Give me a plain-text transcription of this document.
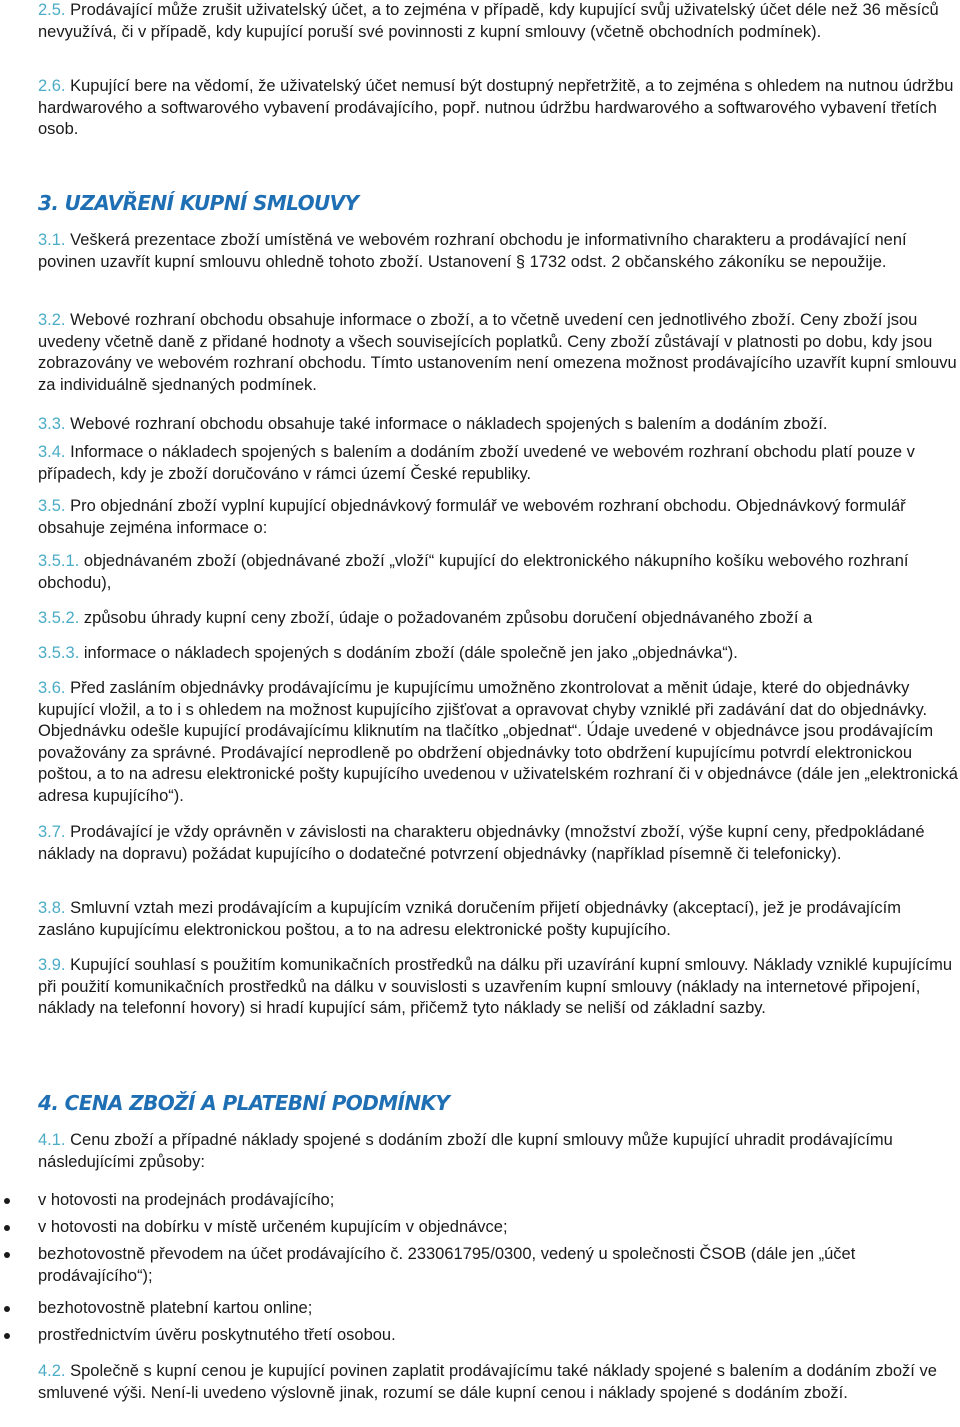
2.5. Prodávající může zrušit uživatelský účet, a to zejména v případě, kdy kupující svůj uživatelský účet déle než 36 měsíců nevyužívá, či v případě, kdy kupující poruší své povinnosti z kupní smlouvy (včetně obchodních podmínek).

2.6. Kupující bere na vědomí, že uživatelský účet nemusí být dostupný nepřetržitě, a to zejména s ohledem na nutnou údržbu hardwarového a softwarového vybavení prodávajícího, popř. nutnou údržbu hardwarového a softwarového vybavení třetích osob.

3. UZAVŘENÍ KUPNÍ SMLOUVY

3.1. Veškerá prezentace zboží umístěná ve webovém rozhraní obchodu je informativního charakteru a prodávající není povinen uzavřít kupní smlouvu ohledně tohoto zboží. Ustanovení § 1732 odst. 2 občanského zákoníku se nepoužije.

3.2. Webové rozhraní obchodu obsahuje informace o zboží, a to včetně uvedení cen jednotlivého zboží. Ceny zboží jsou uvedeny včetně daně z přidané hodnoty a všech souvisejících poplatků. Ceny zboží zůstávají v platnosti po dobu, kdy jsou zobrazovány ve webovém rozhraní obchodu. Tímto ustanovením není omezena možnost prodávajícího uzavřít kupní smlouvu za individuálně sjednaných podmínek.

3.3. Webové rozhraní obchodu obsahuje také informace o nákladech spojených s balením a dodáním zboží.

3.4. Informace o nákladech spojených s balením a dodáním zboží uvedené ve webovém rozhraní obchodu platí pouze v případech, kdy je zboží doručováno v rámci území České republiky.

3.5. Pro objednání zboží vyplní kupující objednávkový formulář ve webovém rozhraní obchodu. Objednávkový formulář obsahuje zejména informace o:

3.5.1. objednávaném zboží (objednávané zboží „vloží“ kupující do elektronického nákupního košíku webového rozhraní obchodu),

3.5.2. způsobu úhrady kupní ceny zboží, údaje o požadovaném způsobu doručení objednávaného zboží a

3.5.3. informace o nákladech spojených s dodáním zboží (dále společně jen jako „objednávka“).

3.6. Před zasláním objednávky prodávajícímu je kupujícímu umožněno zkontrolovat a měnit údaje, které do objednávky kupující vložil, a to i s ohledem na možnost kupujícího zjišťovat a opravovat chyby vzniklé při zadávání dat do objednávky. Objednávku odešle kupující prodávajícímu kliknutím na tlačítko „objednat“. Údaje uvedené v objednávce jsou prodávajícím považovány za správné. Prodávající neprodleně po obdržení objednávky toto obdržení kupujícímu potvrdí elektronickou poštou, a to na adresu elektronické pošty kupujícího uvedenou v uživatelském rozhraní či v objednávce (dále jen „elektronická adresa kupujícího“).

3.7. Prodávající je vždy oprávněn v závislosti na charakteru objednávky (množství zboží, výše kupní ceny, předpokládané náklady na dopravu) požádat kupujícího o dodatečné potvrzení objednávky (například písemně či telefonicky).

3.8. Smluvní vztah mezi prodávajícím a kupujícím vzniká doručením přijetí objednávky (akceptací), jež je prodávajícím zasláno kupujícímu elektronickou poštou, a to na adresu elektronické pošty kupujícího.

3.9. Kupující souhlasí s použitím komunikačních prostředků na dálku při uzavírání kupní smlouvy. Náklady vzniklé kupujícímu při použití komunikačních prostředků na dálku v souvislosti s uzavřením kupní smlouvy (náklady na internetové připojení, náklady na telefonní hovory) si hradí kupující sám, přičemž tyto náklady se neliší od základní sazby.

4. CENA ZBOŽÍ A PLATEBNÍ PODMÍNKY

4.1. Cenu zboží a případné náklady spojené s dodáním zboží dle kupní smlouvy může kupující uhradit prodávajícímu následujícími způsoby:

v hotovosti na prodejnách prodávajícího;

v hotovosti na dobírku v místě určeném kupujícím v objednávce;

bezhotovostně převodem na účet prodávajícího č. 233061795/0300, vedený u společnosti ČSOB (dále jen „účet prodávajícího“);

bezhotovostně platební kartou online;

prostřednictvím úvěru poskytnutého třetí osobou.

4.2. Společně s kupní cenou je kupující povinen zaplatit prodávajícímu také náklady spojené s balením a dodáním zboží ve smluvené výši. Není-li uvedeno výslovně jinak, rozumí se dále kupní cenou i náklady spojené s dodáním zboží.
